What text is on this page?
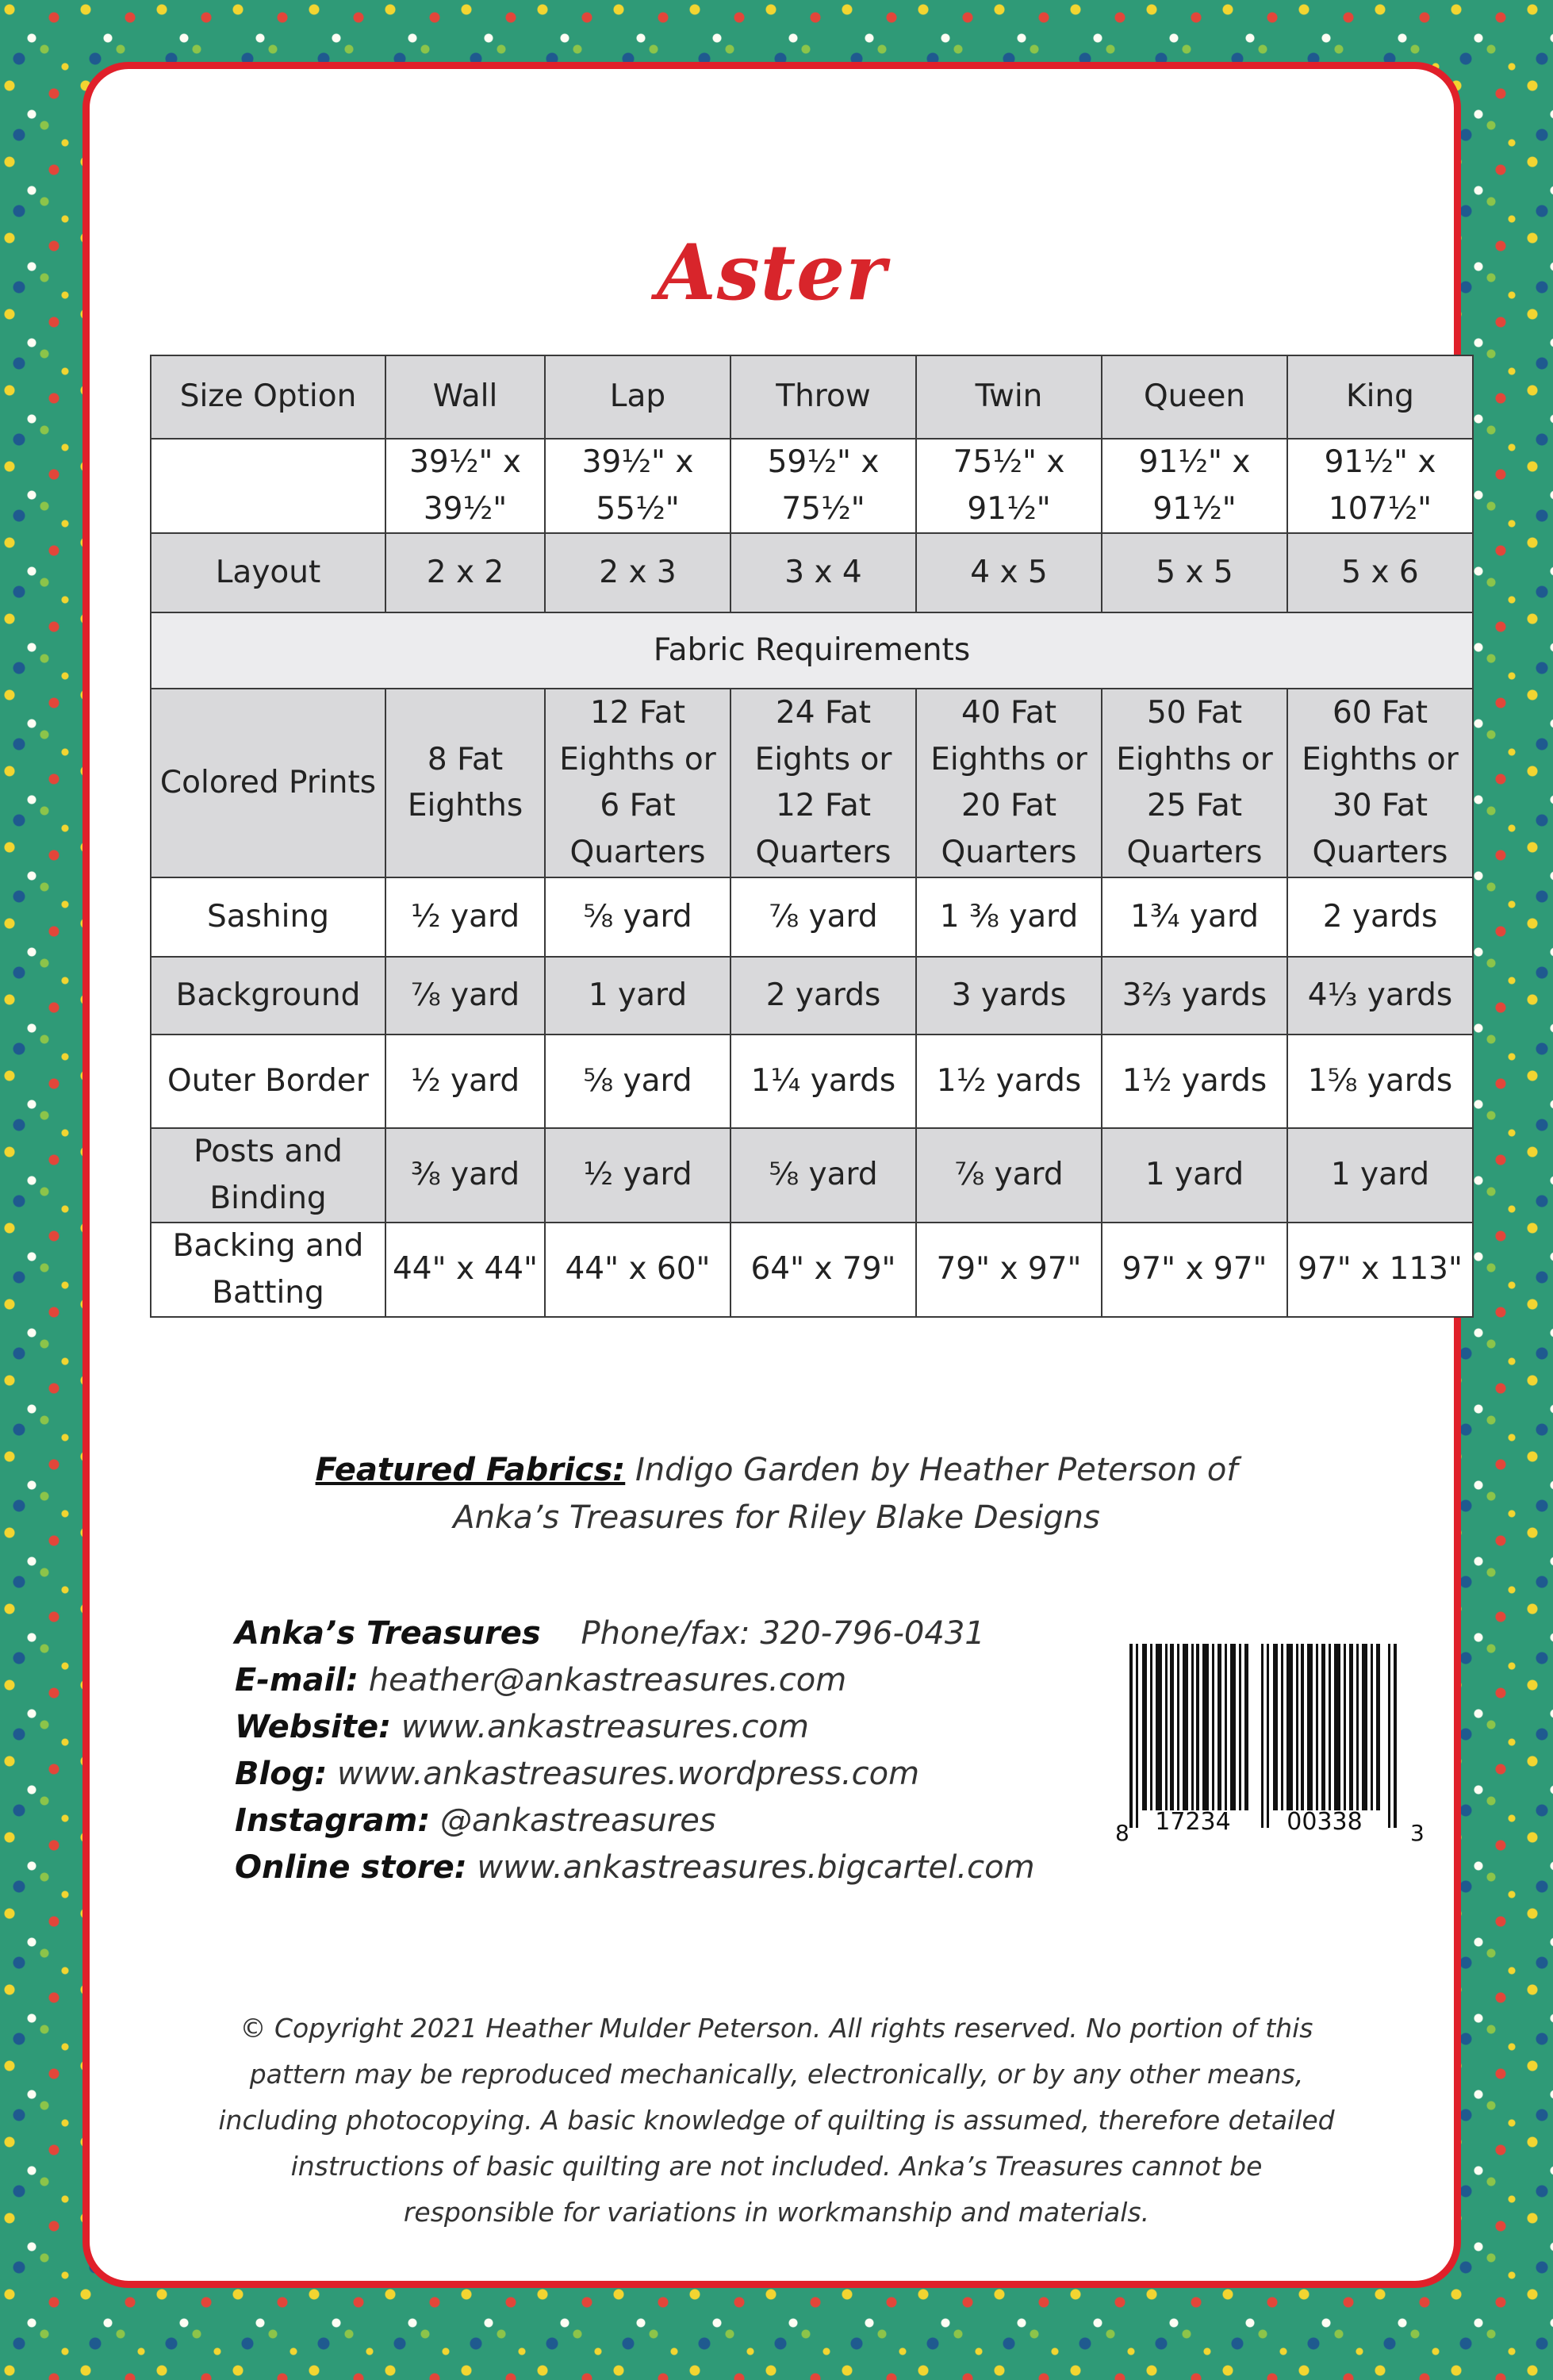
Aster
Size Option	Wall	Lap	Throw	Twin	Queen	King
	39½" x 39½"	39½" x 55½"	59½" x 75½"	75½" x 91½"	91½" x 91½"	91½" x 107½"
Layout	2 x 2	2 x 3	3 x 4	4 x 5	5 x 5	5 x 6
Fabric Requirements						
Colored Prints	8 Fat Eighths	12 Fat Eighths or 6 Fat Quarters	24 Fat Eights or 12 Fat Quarters	40 Fat Eighths or 20 Fat Quarters	50 Fat Eighths or 25 Fat Quarters	60 Fat Eighths or 30 Fat Quarters
Sashing	½ yard	⅝ yard	⅞ yard	1 ⅜ yard	1¾ yard	2 yards
Background	⅞ yard	1 yard	2 yards	3 yards	3⅔ yards	4⅓ yards
Outer Border	½ yard	⅝ yard	1¼ yards	1½ yards	1½ yards	1⅝ yards
Posts and Binding	⅜ yard	½ yard	⅝ yard	⅞ yard	1 yard	1 yard
Backing and Batting	44" x 44"	44" x 60"	64" x 79"	79" x 97"	97" x 97"	97" x 113"
Featured Fabrics: Indigo Garden by Heather Peterson of
Anka’s Treasures for Riley Blake Designs
Anka’s Treasures Phone/fax: 320-796-0431
E-mail: heather@ankastreasures.com
Website: www.ankastreasures.com
Blog: www.ankastreasures.wordpress.com
Instagram: @ankastreasures
Online store: www.ankastreasures.bigcartel.com
8 17234 00338 3
© Copyright 2021 Heather Mulder Peterson. All rights reserved. No portion of this
pattern may be reproduced mechanically, electronically, or by any other means,
including photocopying. A basic knowledge of quilting is assumed, therefore detailed
instructions of basic quilting are not included. Anka’s Treasures cannot be
responsible for variations in workmanship and materials.
